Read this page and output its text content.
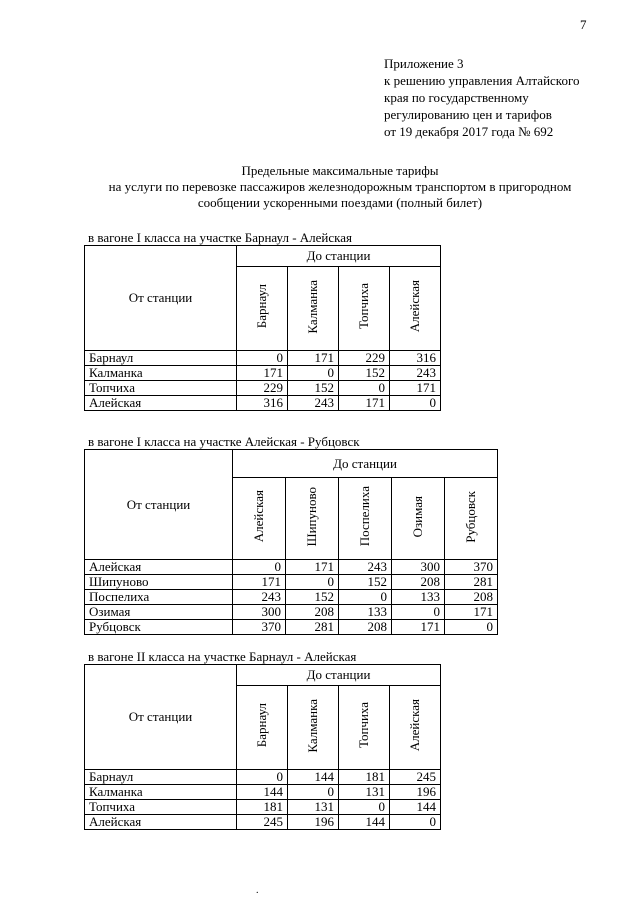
7
Приложение 3
к решению управления Алтайского
края по государственному
регулированию цен и тарифов
от 19 декабря 2017 года № 692
Предельные максимальные тарифы
на услуги по перевозке пассажиров железнодорожным транспортом в пригородном
сообщении ускоренными поездами (полный билет)
в вагоне I класса на участке Барнаул - Алейская
От станции	До станции			
	Барнаул	Калманка	Топчиха	Алейская
Барнаул	0	171	229	316
Калманка	171	0	152	243
Топчиха	229	152	0	171
Алейская	316	243	171	0
в вагоне I класса на участке Алейская - Рубцовск
От станции	До станции				
	Алейская	Шипуново	Поспелиха	Озимая	Рубцовск
Алейская	0	171	243	300	370
Шипуново	171	0	152	208	281
Поспелиха	243	152	0	133	208
Озимая	300	208	133	0	171
Рубцовск	370	281	208	171	0
в вагоне II класса на участке Барнаул - Алейская
От станции	До станции			
	Барнаул	Калманка	Топчиха	Алейская
Барнаул	0	144	181	245
Калманка	144	0	131	196
Топчиха	181	131	0	144
Алейская	245	196	144	0
.
